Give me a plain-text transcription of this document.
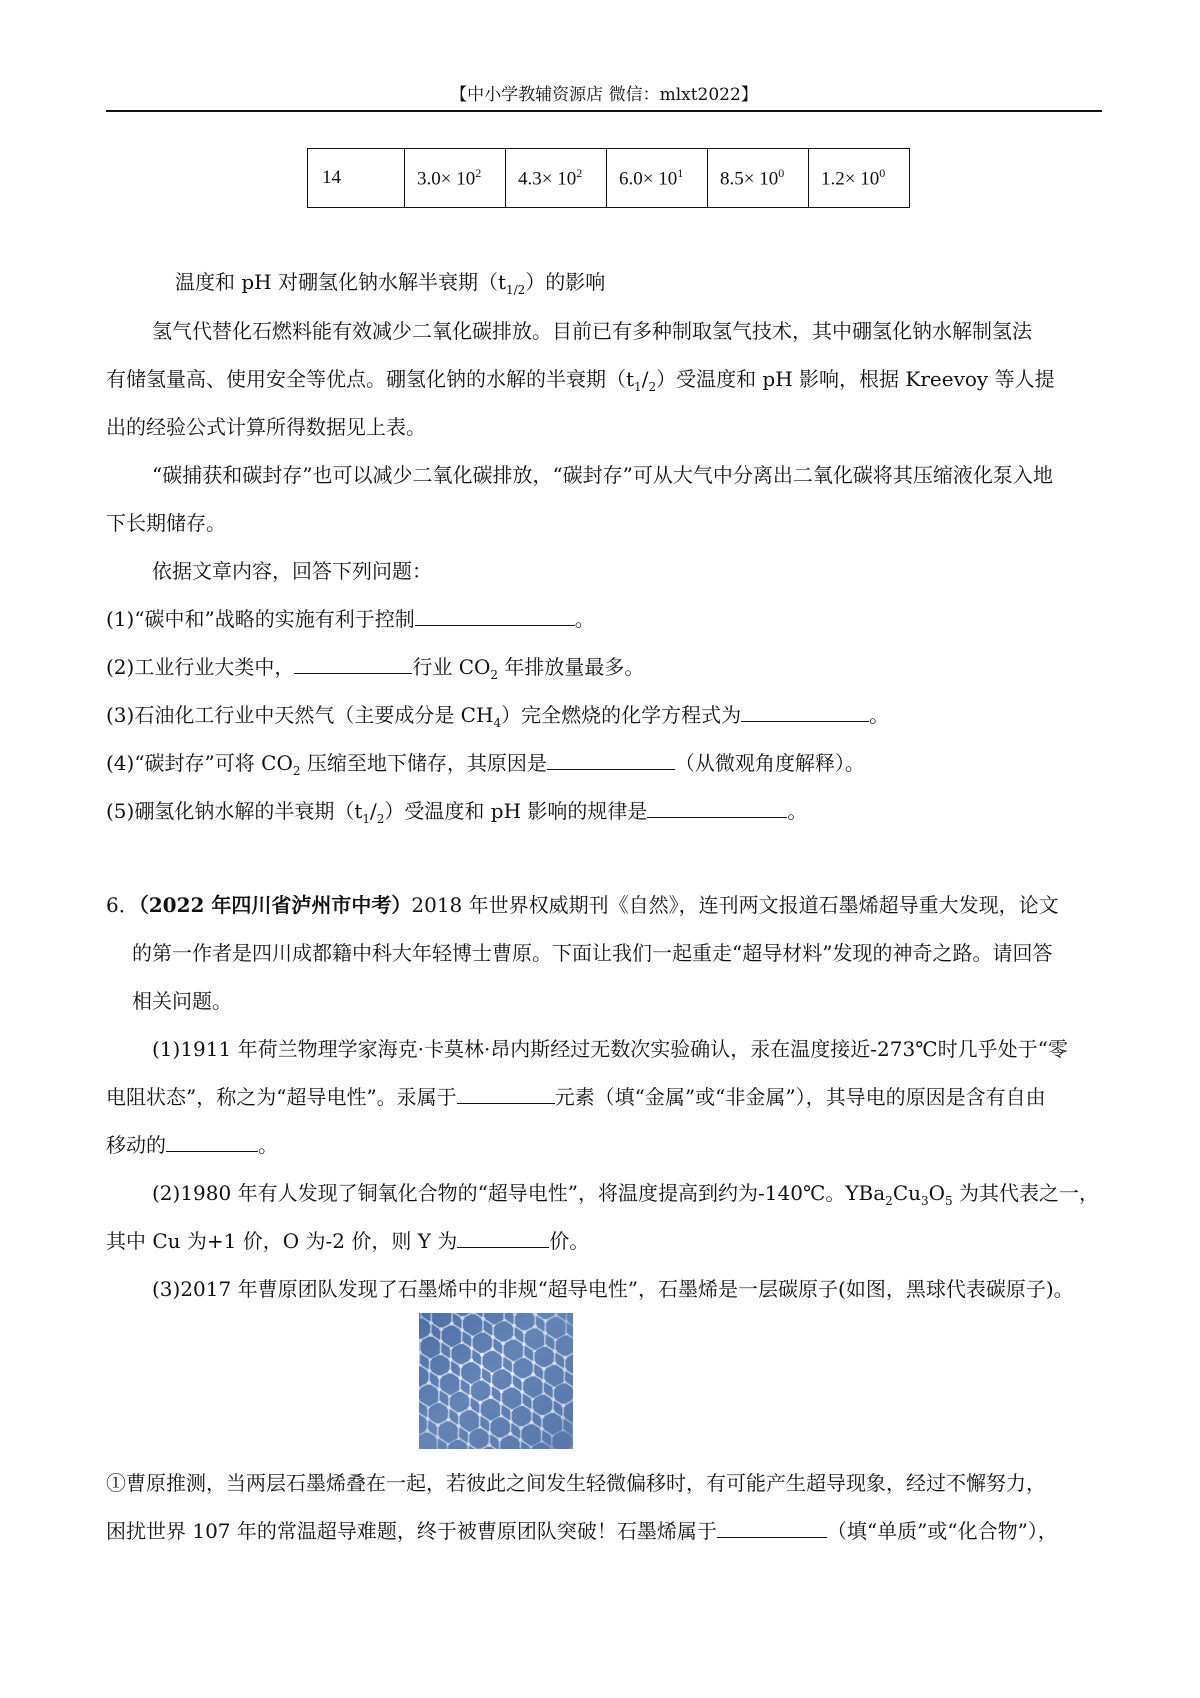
【中小学教辅资源店 微信：mlxt2022】
14	$3.0\times 10^2$	$4.3\times 10^2$	$6.0\times 10^1$	$8.5\times 10^0$	$1.2\times 10^0$
温度和 pH 对硼氢化钠水解半衰期$(t_{1/2})$的影响
氢气代替化石燃料能有效减少二氧化碳排放。目前已有多种制取氢气技术，其中硼氢化钠水解制氢法
有储氢量高、使用安全等优点。硼氢化钠的水解的半衰期$(t_1/_2)$受温度和 pH 影响，根据 Kreevoy 等人提
出的经验公式计算所得数据见上表。
“碳捕获和碳封存”也可以减少二氧化碳排放，“碳封存”可从大气中分离出二氧化碳将其压缩液化泵入地
下长期储存。
依据文章内容，回答下列问题：
(1)“碳中和”战略的实施有利于控制	。
(2)工业行业大类中，	行业 $CO_2$ 年排放量最多。
(3)石油化工行业中天然气（主要成分是 $CH_4$）完全燃烧的化学方程式为	。
(4)“碳封存”可将 $CO_2$ 压缩至地下储存，其原因是	（从微观角度解释）。
(5)硼氢化钠水解的半衰期$(t_1/_2)$受温度和 pH 影响的规律是	。
6．（2022 年四川省泸州市中考）2018 年世界权威期刊《自然》，连刊两文报道石墨烯超导重大发现，论文
的第一作者是四川成都籍中科大年轻博士曹原。下面让我们一起重走“超导材料”发现的神奇之路。请回答
相关问题。
(1)1911 年荷兰物理学家海克·卡莫林·昂内斯经过无数次实验确认，汞在温度接近-273℃时几乎处于“零
电阻状态”，称之为“超导电性”。汞属于	元素（填“金属”或“非金属”），其导电的原因是含有自由
移动的	。
(2)1980 年有人发现了铜氧化合物的“超导电性”，将温度提高到约为-140℃。$YBa_2Cu_3O_5$ 为其代表之一，
其中 Cu 为+1 价，O 为-2 价，则 Y 为	价。
(3)2017 年曹原团队发现了石墨烯中的非规“超导电性”，石墨烯是一层碳原子(如图，黑球代表碳原子)。
①曹原推测，当两层石墨烯叠在一起，若彼此之间发生轻微偏移时，有可能产生超导现象，经过不懈努力，
困扰世界 107 年的常温超导难题，终于被曹原团队突破！石墨烯属于	（填“单质”或“化合物”），
